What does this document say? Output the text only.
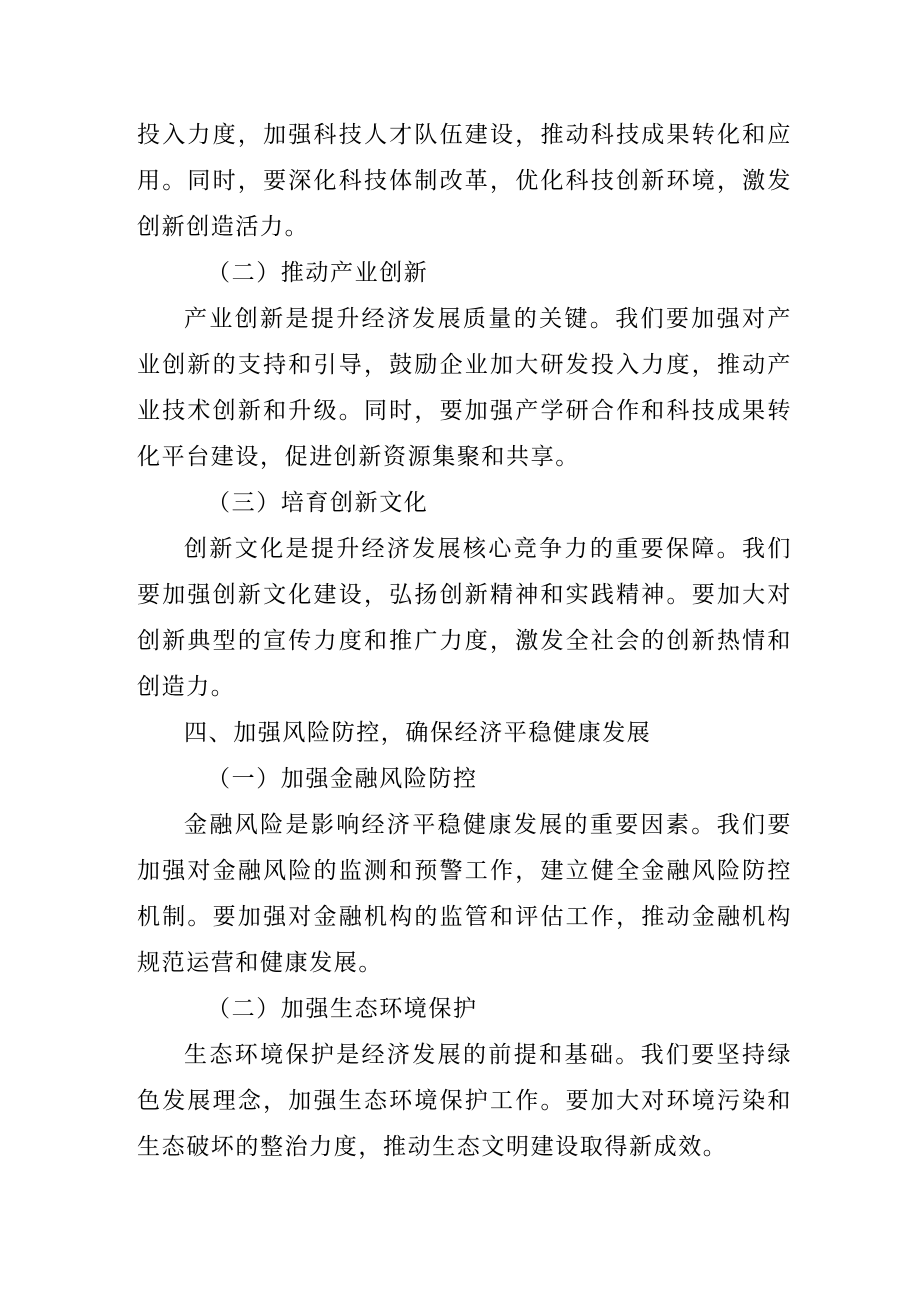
投入力度，加强科技人才队伍建设，推动科技成果转化和应用。同时，要深化科技体制改革，优化科技创新环境，激发创新创造活力。

（二）推动产业创新

产业创新是提升经济发展质量的关键。我们要加强对产业创新的支持和引导，鼓励企业加大研发投入力度，推动产业技术创新和升级。同时，要加强产学研合作和科技成果转化平台建设，促进创新资源集聚和共享。

（三）培育创新文化

创新文化是提升经济发展核心竞争力的重要保障。我们要加强创新文化建设，弘扬创新精神和实践精神。要加大对创新典型的宣传力度和推广力度，激发全社会的创新热情和创造力。

四、加强风险防控，确保经济平稳健康发展

（一）加强金融风险防控

金融风险是影响经济平稳健康发展的重要因素。我们要加强对金融风险的监测和预警工作，建立健全金融风险防控机制。要加强对金融机构的监管和评估工作，推动金融机构规范运营和健康发展。

（二）加强生态环境保护

生态环境保护是经济发展的前提和基础。我们要坚持绿色发展理念，加强生态环境保护工作。要加大对环境污染和生态破坏的整治力度，推动生态文明建设取得新成效。
